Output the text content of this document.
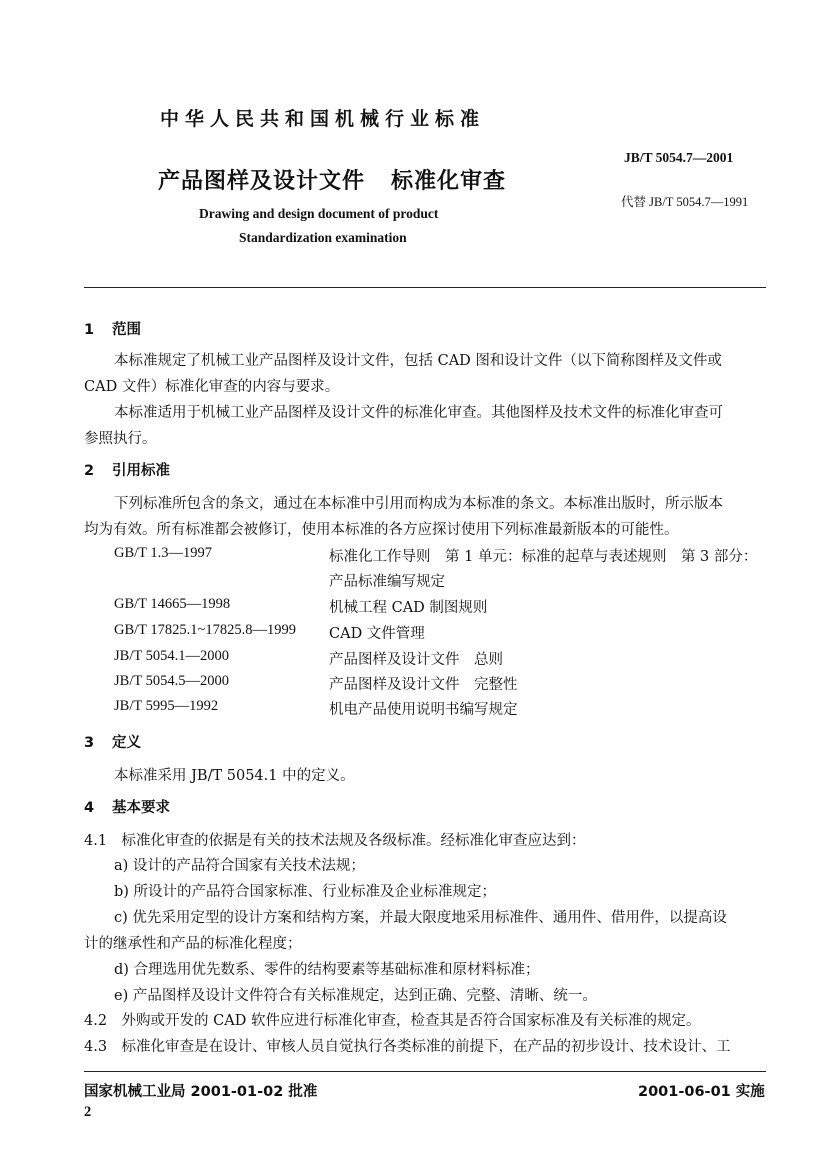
中华人民共和国机械行业标准
JB/T 5054.7—2001
产品图样及设计文件 标准化审查
代替 JB/T 5054.7—1991
Drawing and design document of product
Standardization examination
1 范围
本标准规定了机械工业产品图样及设计文件，包括 CAD 图和设计文件（以下简称图样及文件或
CAD 文件）标准化审查的内容与要求。
本标准适用于机械工业产品图样及设计文件的标准化审查。其他图样及技术文件的标准化审查可
参照执行。
2 引用标准
下列标准所包含的条文，通过在本标准中引用而构成为本标准的条文。本标准出版时，所示版本
均为有效。所有标准都会被修订，使用本标准的各方应探讨使用下列标准最新版本的可能性。
GB/T 1.3—1997	标准化工作导则　第 1 单元：标准的起草与表述规则　第 3 部分：
产品标准编写规定
GB/T 14665—1998	机械工程 CAD 制图规则
GB/T 17825.1~17825.8—1999 CAD 文件管理
JB/T 5054.1—2000	产品图样及设计文件　总则
JB/T 5054.5—2000	产品图样及设计文件　完整性
JB/T 5995—1992	机电产品使用说明书编写规定
3 定义
本标准采用 JB/T 5054.1 中的定义。
4 基本要求
4.1　标准化审查的依据是有关的技术法规及各级标准。经标准化审查应达到：
a) 设计的产品符合国家有关技术法规；
b) 所设计的产品符合国家标准、行业标准及企业标准规定；
c) 优先采用定型的设计方案和结构方案，并最大限度地采用标准件、通用件、借用件，以提高设
计的继承性和产品的标准化程度；
d) 合理选用优先数系、零件的结构要素等基础标准和原材料标准；
e) 产品图样及设计文件符合有关标准规定，达到正确、完整、清晰、统一。
4.2　外购或开发的 CAD 软件应进行标准化审查，检查其是否符合国家标准及有关标准的规定。
4.3　标准化审查是在设计、审核人员自觉执行各类标准的前提下，在产品的初步设计、技术设计、工
国家机械工业局 2001-01-02 批准	2001-06-01 实施
2
